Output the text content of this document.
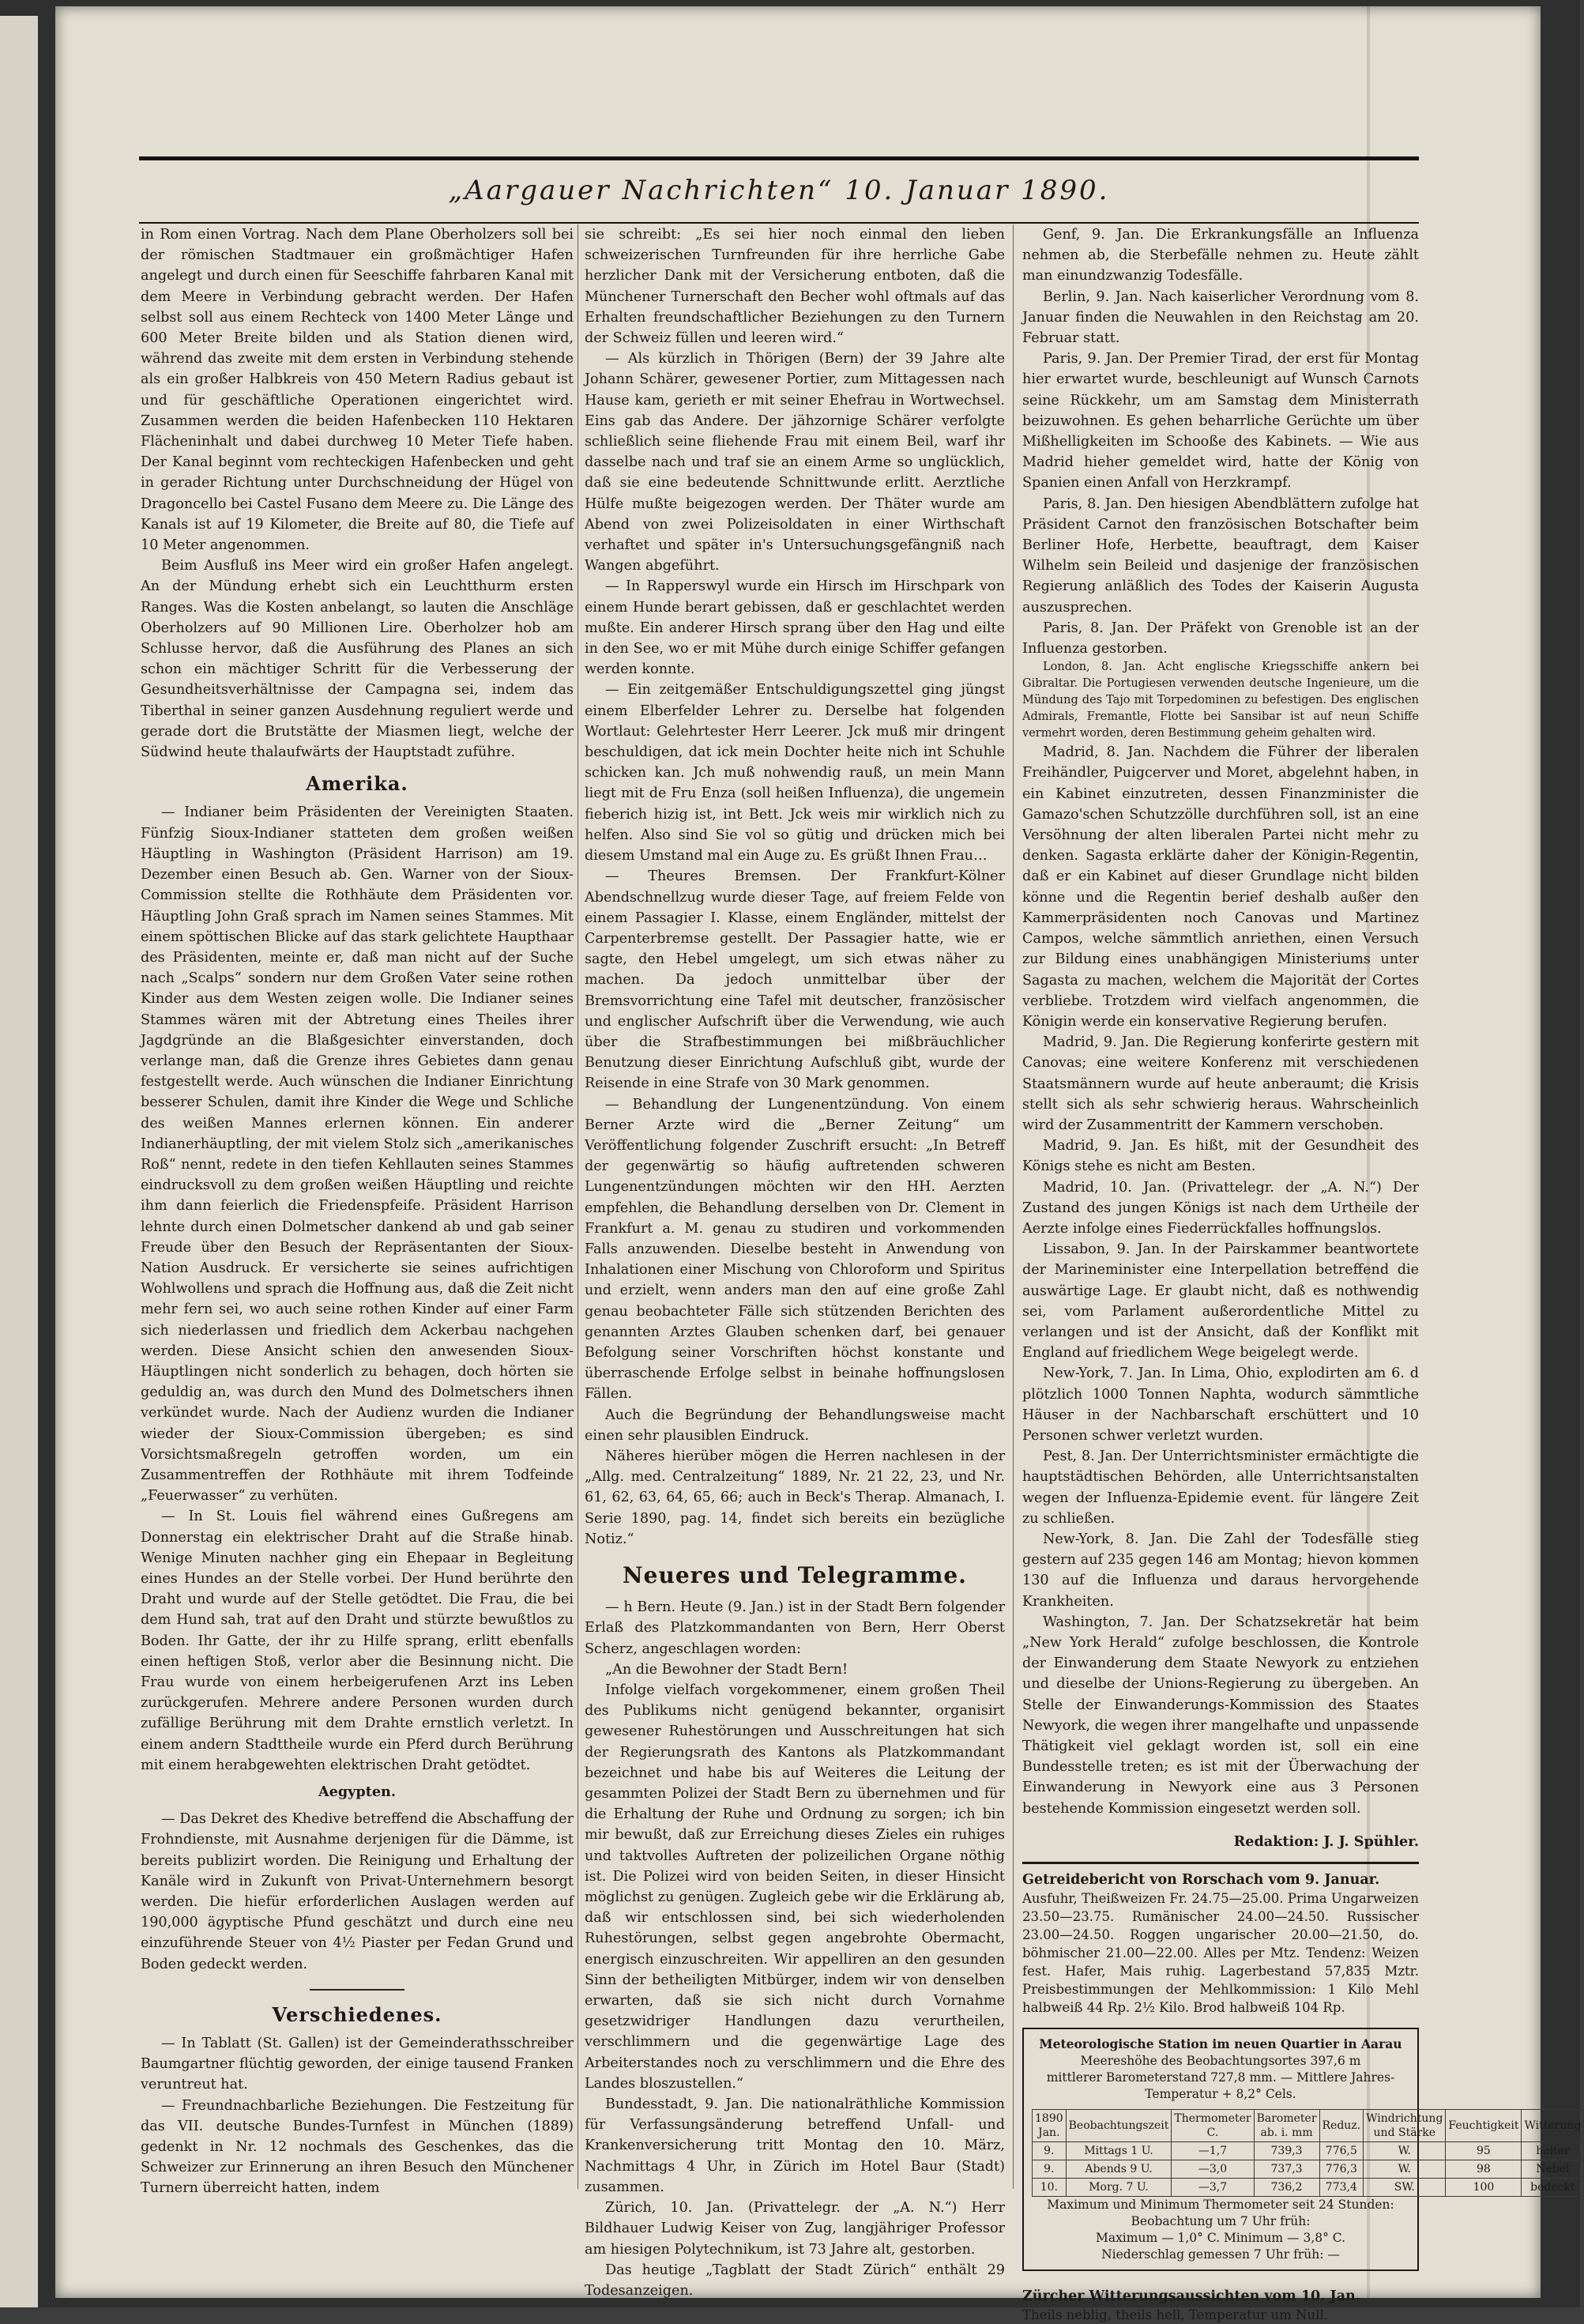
„Aargauer Nachrichten“ 10. Januar 1890.

in Rom einen Vortrag. Nach dem Plane Oberholzers soll bei der römischen Stadtmauer ein großmächtiger Hafen angelegt und durch einen für Seeschiffe fahrbaren Kanal mit dem Meere in Verbindung gebracht werden. Der Hafen selbst soll aus einem Rechteck von 1400 Meter Länge und 600 Meter Breite bilden und als Station dienen wird, während das zweite mit dem ersten in Verbindung stehende als ein großer Halbkreis von 450 Metern Radius gebaut ist und für geschäftliche Operationen eingerichtet wird. Zusammen werden die beiden Hafenbecken 110 Hektaren Flächeninhalt und dabei durchweg 10 Meter Tiefe haben. Der Kanal beginnt vom rechteckigen Hafenbecken und geht in gerader Richtung unter Durchschneidung der Hügel von Dragoncello bei Castel Fusano dem Meere zu. Die Länge des Kanals ist auf 19 Kilometer, die Breite auf 80, die Tiefe auf 10 Meter angenommen.

Beim Ausfluß ins Meer wird ein großer Hafen angelegt. An der Mündung erhebt sich ein Leuchtthurm ersten Ranges. Was die Kosten anbelangt, so lauten die Anschläge Oberholzers auf 90 Millionen Lire. Oberholzer hob am Schlusse hervor, daß die Ausführung des Planes an sich schon ein mächtiger Schritt für die Verbesserung der Gesundheitsverhältnisse der Campagna sei, indem das Tiberthal in seiner ganzen Ausdehnung reguliert werde und gerade dort die Brutstätte der Miasmen liegt, welche der Südwind heute thalaufwärts der Hauptstadt zuführe.

Amerika.

— Indianer beim Präsidenten der Vereinigten Staaten. Fünfzig Sioux-Indianer statteten dem großen weißen Häuptling in Washington (Präsident Harrison) am 19. Dezember einen Besuch ab. Gen. Warner von der Sioux-Commission stellte die Rothhäute dem Präsidenten vor. Häuptling John Graß sprach im Namen seines Stammes. Mit einem spöttischen Blicke auf das stark gelichtete Haupthaar des Präsidenten, meinte er, daß man nicht auf der Suche nach „Scalps“ sondern nur dem Großen Vater seine rothen Kinder aus dem Westen zeigen wolle. Die Indianer seines Stammes wären mit der Abtretung eines Theiles ihrer Jagdgründe an die Blaßgesichter einverstanden, doch verlange man, daß die Grenze ihres Gebietes dann genau festgestellt werde. Auch wünschen die Indianer Einrichtung besserer Schulen, damit ihre Kinder die Wege und Schliche des weißen Mannes erlernen können. Ein anderer Indianerhäuptling, der mit vielem Stolz sich „amerikanisches Roß“ nennt, redete in den tiefen Kehllauten seines Stammes eindrucksvoll zu dem großen weißen Häuptling und reichte ihm dann feierlich die Friedenspfeife. Präsident Harrison lehnte durch einen Dolmetscher dankend ab und gab seiner Freude über den Besuch der Repräsentanten der Sioux-Nation Ausdruck. Er versicherte sie seines aufrichtigen Wohlwollens und sprach die Hoffnung aus, daß die Zeit nicht mehr fern sei, wo auch seine rothen Kinder auf einer Farm sich niederlassen und friedlich dem Ackerbau nachgehen werden. Diese Ansicht schien den anwesenden Sioux-Häuptlingen nicht sonderlich zu behagen, doch hörten sie geduldig an, was durch den Mund des Dolmetschers ihnen verkündet wurde. Nach der Audienz wurden die Indianer wieder der Sioux-Commission übergeben; es sind Vorsichtsmaßregeln getroffen worden, um ein Zusammentreffen der Rothhäute mit ihrem Todfeinde „Feuerwasser“ zu verhüten.

— In St. Louis fiel während eines Gußregens am Donnerstag ein elektrischer Draht auf die Straße hinab. Wenige Minuten nachher ging ein Ehepaar in Begleitung eines Hundes an der Stelle vorbei. Der Hund berührte den Draht und wurde auf der Stelle getödtet. Die Frau, die bei dem Hund sah, trat auf den Draht und stürzte bewußtlos zu Boden. Ihr Gatte, der ihr zu Hilfe sprang, erlitt ebenfalls einen heftigen Stoß, verlor aber die Besinnung nicht. Die Frau wurde von einem herbeigerufenen Arzt ins Leben zurückgerufen. Mehrere andere Personen wurden durch zufällige Berührung mit dem Drahte ernstlich verletzt. In einem andern Stadttheile wurde ein Pferd durch Berührung mit einem herabgewehten elektrischen Draht getödtet.

Aegypten.

— Das Dekret des Khedive betreffend die Abschaffung der Frohndienste, mit Ausnahme derjenigen für die Dämme, ist bereits publizirt worden. Die Reinigung und Erhaltung der Kanäle wird in Zukunft von Privat-Unternehmern besorgt werden. Die hiefür erforderlichen Auslagen werden auf 190,000 ägyptische Pfund geschätzt und durch eine neu einzuführende Steuer von 4½ Piaster per Fedan Grund und Boden gedeckt werden.

Verschiedenes.

— In Tablatt (St. Gallen) ist der Gemeinderathsschreiber Baumgartner flüchtig geworden, der einige tausend Franken veruntreut hat.

— Freundnachbarliche Beziehungen. Die Festzeitung für das VII. deutsche Bundes-Turnfest in München (1889) gedenkt in Nr. 12 nochmals des Geschenkes, das die Schweizer zur Erinnerung an ihren Besuch den Münchener Turnern überreicht hatten, indem

sie schreibt: „Es sei hier noch einmal den lieben schweizerischen Turnfreunden für ihre herrliche Gabe herzlicher Dank mit der Versicherung entboten, daß die Münchener Turnerschaft den Becher wohl oftmals auf das Erhalten freundschaftlicher Beziehungen zu den Turnern der Schweiz füllen und leeren wird.“

— Als kürzlich in Thörigen (Bern) der 39 Jahre alte Johann Schärer, gewesener Portier, zum Mittagessen nach Hause kam, gerieth er mit seiner Ehefrau in Wortwechsel. Eins gab das Andere. Der jähzornige Schärer verfolgte schließlich seine fliehende Frau mit einem Beil, warf ihr dasselbe nach und traf sie an einem Arme so unglücklich, daß sie eine bedeutende Schnittwunde erlitt. Aerztliche Hülfe mußte beigezogen werden. Der Thäter wurde am Abend von zwei Polizeisoldaten in einer Wirthschaft verhaftet und später in's Untersuchungsgefängniß nach Wangen abgeführt.

— In Rapperswyl wurde ein Hirsch im Hirschpark von einem Hunde berart gebissen, daß er geschlachtet werden mußte. Ein anderer Hirsch sprang über den Hag und eilte in den See, wo er mit Mühe durch einige Schiffer gefangen werden konnte.

— Ein zeitgemäßer Entschuldigungszettel ging jüngst einem Elberfelder Lehrer zu. Derselbe hat folgenden Wortlaut: Gelehrtester Herr Leerer. Jck muß mir dringent beschuldigen, dat ick mein Dochter heite nich int Schuhle schicken kan. Jch muß nohwendig rauß, un mein Mann liegt mit de Fru Enza (soll heißen Influenza), die ungemein fieberich hizig ist, int Bett. Jck weis mir wirklich nich zu helfen. Also sind Sie vol so gütig und drücken mich bei diesem Umstand mal ein Auge zu. Es grüßt Ihnen Frau…

— Theures Bremsen. Der Frankfurt-Kölner Abendschnellzug wurde dieser Tage, auf freiem Felde von einem Passagier I. Klasse, einem Engländer, mittelst der Carpenterbremse gestellt. Der Passagier hatte, wie er sagte, den Hebel umgelegt, um sich etwas näher zu machen. Da jedoch unmittelbar über der Bremsvorrichtung eine Tafel mit deutscher, französischer und englischer Aufschrift über die Verwendung, wie auch über die Strafbestimmungen bei mißbräuchlicher Benutzung dieser Einrichtung Aufschluß gibt, wurde der Reisende in eine Strafe von 30 Mark genommen.

— Behandlung der Lungenentzündung. Von einem Berner Arzte wird die „Berner Zeitung“ um Veröffentlichung folgender Zuschrift ersucht: „In Betreff der gegenwärtig so häufig auftretenden schweren Lungenentzündungen möchten wir den HH. Aerzten empfehlen, die Behandlung derselben von Dr. Clement in Frankfurt a. M. genau zu studiren und vorkommenden Falls anzuwenden. Dieselbe besteht in Anwendung von Inhalationen einer Mischung von Chloroform und Spiritus und erzielt, wenn anders man den auf eine große Zahl genau beobachteter Fälle sich stützenden Berichten des genannten Arztes Glauben schenken darf, bei genauer Befolgung seiner Vorschriften höchst konstante und überraschende Erfolge selbst in beinahe hoffnungslosen Fällen.

Auch die Begründung der Behandlungsweise macht einen sehr plausiblen Eindruck.

Näheres hierüber mögen die Herren nachlesen in der „Allg. med. Centralzeitung“ 1889, Nr. 21 22, 23, und Nr. 61, 62, 63, 64, 65, 66; auch in Beck's Therap. Almanach, I. Serie 1890, pag. 14, findet sich bereits ein bezügliche Notiz.“

Neueres und Telegramme.

— h Bern. Heute (9. Jan.) ist in der Stadt Bern folgender Erlaß des Platzkommandanten von Bern, Herr Oberst Scherz, angeschlagen worden:

„An die Bewohner der Stadt Bern!

Infolge vielfach vorgekommener, einem großen Theil des Publikums nicht genügend bekannter, organisirt gewesener Ruhestörungen und Ausschreitungen hat sich der Regierungsrath des Kantons als Platzkommandant bezeichnet und habe bis auf Weiteres die Leitung der gesammten Polizei der Stadt Bern zu übernehmen und für die Erhaltung der Ruhe und Ordnung zu sorgen; ich bin mir bewußt, daß zur Erreichung dieses Zieles ein ruhiges und taktvolles Auftreten der polizeilichen Organe nöthig ist. Die Polizei wird von beiden Seiten, in dieser Hinsicht möglichst zu genügen. Zugleich gebe wir die Erklärung ab, daß wir entschlossen sind, bei sich wiederholenden Ruhestörungen, selbst gegen angebrohte Obermacht, energisch einzuschreiten. Wir appelliren an den gesunden Sinn der betheiligten Mitbürger, indem wir von denselben erwarten, daß sie sich nicht durch Vornahme gesetzwidriger Handlungen dazu verurtheilen, verschlimmern und die gegenwärtige Lage des Arbeiterstandes noch zu verschlimmern und die Ehre des Landes bloszustellen.“

Bundesstadt, 9. Jan. Die nationalräthliche Kommission für Verfassungsänderung betreffend Unfall- und Krankenversicherung tritt Montag den 10. März, Nachmittags 4 Uhr, in Zürich im Hotel Baur (Stadt) zusammen.

Zürich, 10. Jan. (Privattelegr. der „A. N.“) Herr Bildhauer Ludwig Keiser von Zug, langjähriger Professor am hiesigen Polytechnikum, ist 73 Jahre alt, gestorben.

Das heutige „Tagblatt der Stadt Zürich“ enthält 29 Todesanzeigen.

Genf, 9. Jan. Die Erkrankungsfälle an Influenza nehmen ab, die Sterbefälle nehmen zu. Heute zählt man einundzwanzig Todesfälle.

Berlin, 9. Jan. Nach kaiserlicher Verordnung vom 8. Januar finden die Neuwahlen in den Reichstag am 20. Februar statt.

Paris, 9. Jan. Der Premier Tirad, der erst für Montag hier erwartet wurde, beschleunigt auf Wunsch Carnots seine Rückkehr, um am Samstag dem Ministerrath beizuwohnen. Es gehen beharrliche Gerüchte um über Mißhelligkeiten im Schooße des Kabinets. — Wie aus Madrid hieher gemeldet wird, hatte der König von Spanien einen Anfall von Herzkrampf.

Paris, 8. Jan. Den hiesigen Abendblättern zufolge hat Präsident Carnot den französischen Botschafter beim Berliner Hofe, Herbette, beauftragt, dem Kaiser Wilhelm sein Beileid und dasjenige der französischen Regierung anläßlich des Todes der Kaiserin Augusta auszusprechen.

Paris, 8. Jan. Der Präfekt von Grenoble ist an der Influenza gestorben.

London, 8. Jan. Acht englische Kriegsschiffe ankern bei Gibraltar. Die Portugiesen verwenden deutsche Ingenieure, um die Mündung des Tajo mit Torpedominen zu befestigen. Des englischen Admirals, Fremantle, Flotte bei Sansibar ist auf neun Schiffe vermehrt worden, deren Bestimmung geheim gehalten wird.

Madrid, 8. Jan. Nachdem die Führer der liberalen Freihändler, Puigcerver und Moret, abgelehnt haben, in ein Kabinet einzutreten, dessen Finanzminister die Gamazo'schen Schutzzölle durchführen soll, ist an eine Versöhnung der alten liberalen Partei nicht mehr zu denken. Sagasta erklärte daher der Königin-Regentin, daß er ein Kabinet auf dieser Grundlage nicht bilden könne und die Regentin berief deshalb außer den Kammerpräsidenten noch Canovas und Martinez Campos, welche sämmtlich anriethen, einen Versuch zur Bildung eines unabhängigen Ministeriums unter Sagasta zu machen, welchem die Majorität der Cortes verbliebe. Trotzdem wird vielfach angenommen, die Königin werde ein konservative Regierung berufen.

Madrid, 9. Jan. Die Regierung konferirte gestern mit Canovas; eine weitere Konferenz mit verschiedenen Staatsmännern wurde auf heute anberaumt; die Krisis stellt sich als sehr schwierig heraus. Wahrscheinlich wird der Zusammentritt der Kammern verschoben.

Madrid, 9. Jan. Es hißt, mit der Gesundheit des Königs stehe es nicht am Besten.

Madrid, 10. Jan. (Privattelegr. der „A. N.“) Der Zustand des jungen Königs ist nach dem Urtheile der Aerzte infolge eines Fiederrückfalles hoffnungslos.

Lissabon, 9. Jan. In der Pairskammer beantwortete der Marineminister eine Interpellation betreffend die auswärtige Lage. Er glaubt nicht, daß es nothwendig sei, vom Parlament außerordentliche Mittel zu verlangen und ist der Ansicht, daß der Konflikt mit England auf friedlichem Wege beigelegt werde.

New-York, 7. Jan. In Lima, Ohio, explodirten am 6. d plötzlich 1000 Tonnen Naphta, wodurch sämmtliche Häuser in der Nachbarschaft erschüttert und 10 Personen schwer verletzt wurden.

Pest, 8. Jan. Der Unterrichtsminister ermächtigte die hauptstädtischen Behörden, alle Unterrichtsanstalten wegen der Influenza-Epidemie event. für längere Zeit zu schließen.

New-York, 8. Jan. Die Zahl der Todesfälle stieg gestern auf 235 gegen 146 am Montag; hievon kommen 130 auf die Influenza und daraus hervorgehende Krankheiten.

Washington, 7. Jan. Der Schatzsekretär hat beim „New York Herald“ zufolge beschlossen, die Kontrole der Einwanderung dem Staate Newyork zu entziehen und dieselbe der Unions-Regierung zu übergeben. An Stelle der Einwanderungs-Kommission des Staates Newyork, die wegen ihrer mangelhafte und unpassende Thätigkeit viel geklagt worden ist, soll ein eine Bundesstelle treten; es ist mit der Überwachung der Einwanderung in Newyork eine aus 3 Personen bestehende Kommission eingesetzt werden soll.

Redaktion: J. J. Spühler.
Getreidebericht von Rorschach vom 9. Januar.
Ausfuhr, Theißweizen Fr. 24.75—25.00. Prima Ungarweizen 23.50—23.75. Rumänischer 24.00—24.50. Russischer 23.00—24.50. Roggen ungarischer 20.00—21.50, do. böhmischer 21.00—22.00. Alles per Mtz. Tendenz: Weizen fest. Hafer, Mais ruhig. Lagerbestand 57,835 Mztr. Preisbestimmungen der Mehlkommission: 1 Kilo Mehl halbweiß 44 Rp. 2½ Kilo. Brod halbweiß 104 Rp.
Meteorologische Station im neuen Quartier in Aarau
Meereshöhe des Beobachtungsortes 397,6 m
mittlerer Barometerstand 727,8 mm. — Mittlere Jahres-Temperatur + 8,2° Cels.
1890 Jan.	Beobachtungszeit	Thermometer C.	Barometer ab. i. mm	Reduz.	Windrichtung und Stärke	Feuchtigkeit	Witterung
9.	Mittags 1 U.	—1,7	739,3	776,5	W.	95	heiter
9.	Abends 9 U.	—3,0	737,3	776,3	W.	98	Nebel
10.	Morg. 7 U.	—3,7	736,2	773,4	SW.	100	bedeckt
Maximum und Minimum Thermometer seit 24 Stunden:
Beobachtung um 7 Uhr früh:
Maximum — 1,0° C. Minimum — 3,8° C.
Niederschlag gemessen 7 Uhr früh: —
Zürcher Witterungsaussichten vom 10. Jan.
Theils neblig, theils hell, Temperatur um Null.
